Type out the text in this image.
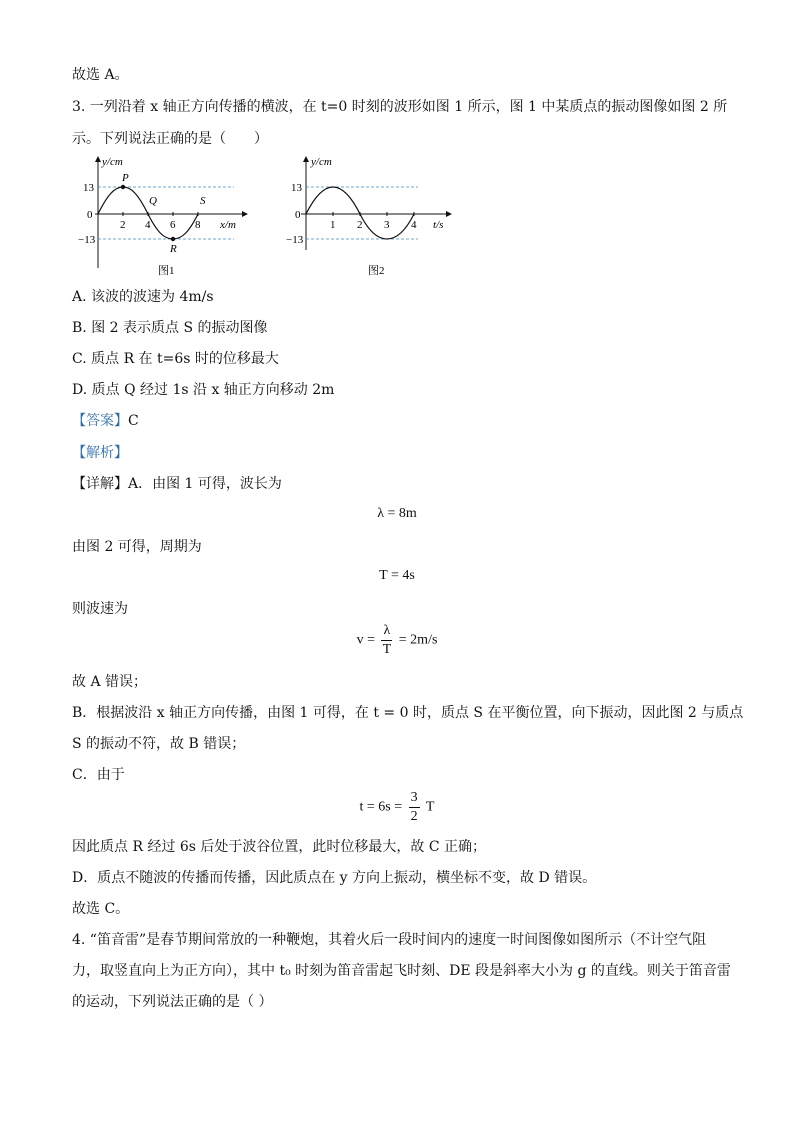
故选 A。
3. 一列沿着 x 轴正方向传播的横波，在 t=0 时刻的波形如图 1 所示，图 1 中某质点的振动图像如图 2 所
示。下列说法正确的是（　　）
y/cm
13
0
−13
2 4 6 8 x/m
P
Q
R
S
图1
y/cm
13
0
−13
1 2 3 4 t/s
图2
A. 该波的波速为 4m/s
B. 图 2 表示质点 S 的振动图像
C. 质点 R 在 t=6s 时的位移最大
D. 质点 Q 经过 1s 沿 x 轴正方向移动 2m
【答案】C
【解析】
【详解】A．由图 1 可得，波长为
λ = 8m
由图 2 可得，周期为
T = 4s
则波速为
$v = \frac{\lambda}{T} = 2m/s$
故 A 错误；
B．根据波沿 x 轴正方向传播，由图 1 可得，在 t = 0 时，质点 S 在平衡位置，向下振动，因此图 2 与质点
S 的振动不符，故 B 错误；
C．由于
$t = 6s = \frac{3}{2}$ T
因此质点 R 经过 6s 后处于波谷位置，此时位移最大，故 C 正确；
D．质点不随波的传播而传播，因此质点在 y 方向上振动，横坐标不变，故 D 错误。
故选 C。
4. “笛音雷”是春节期间常放的一种鞭炮，其着火后一段时间内的速度一时间图像如图所示（不计空气阻
力，取竖直向上为正方向），其中 t₀ 时刻为笛音雷起飞时刻、DE 段是斜率大小为 g 的直线。则关于笛音雷
的运动，下列说法正确的是（ ）
